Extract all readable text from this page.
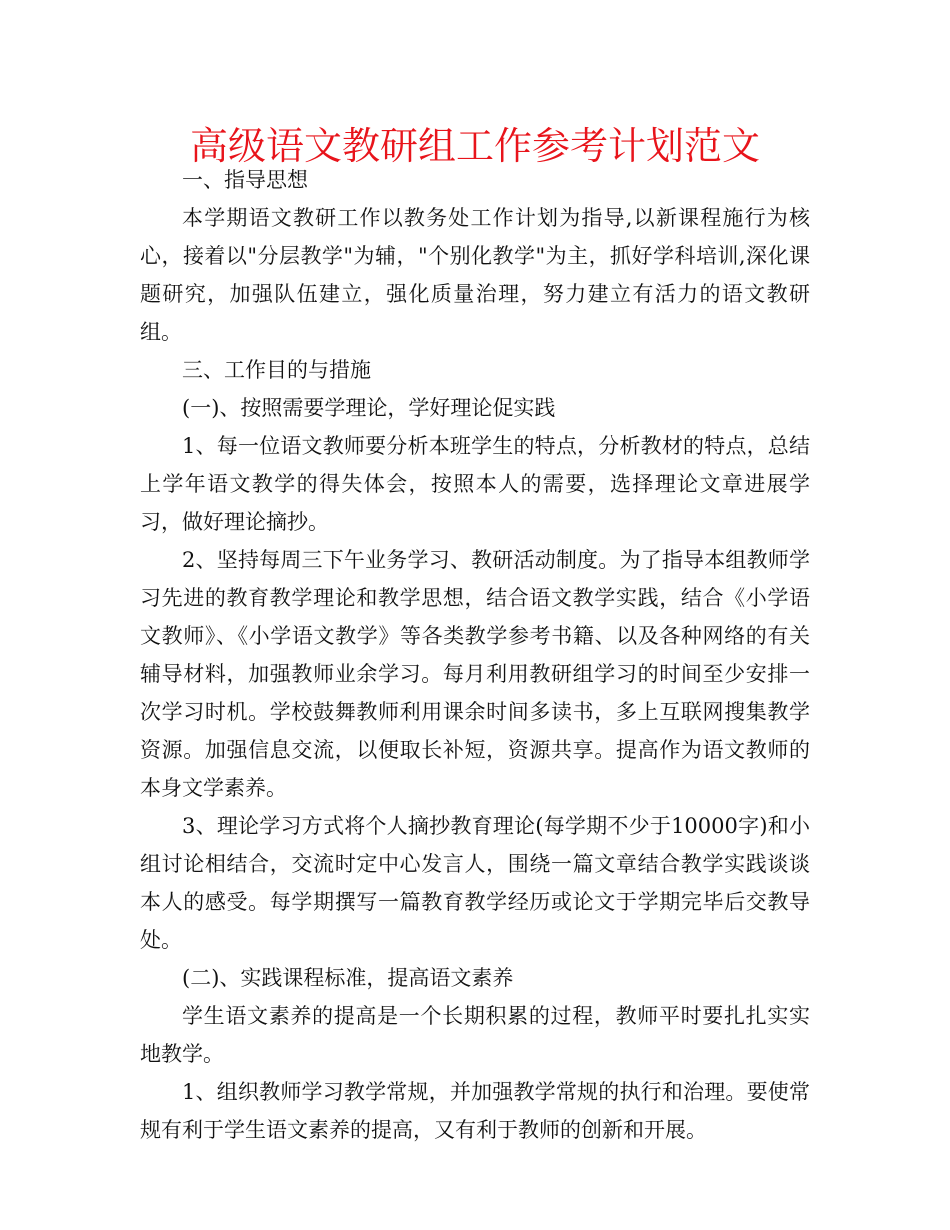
高级语文教研组工作参考计划范文

一、指导思想

本学期语文教研工作以教务处工作计划为指导,以新课程施行为核心，接着以"分层教学"为辅，"个别化教学"为主，抓好学科培训,深化课题研究，加强队伍建立，强化质量治理，努力建立有活力的语文教研组。

三、工作目的与措施

(一)、按照需要学理论，学好理论促实践

1、每一位语文教师要分析本班学生的特点，分析教材的特点，总结上学年语文教学的得失体会，按照本人的需要，选择理论文章进展学习，做好理论摘抄。

2、坚持每周三下午业务学习、教研活动制度。为了指导本组教师学习先进的教育教学理论和教学思想，结合语文教学实践，结合《小学语文教师》、《小学语文教学》等各类教学参考书籍、以及各种网络的有关辅导材料，加强教师业余学习。每月利用教研组学习的时间至少安排一次学习时机。学校鼓舞教师利用课余时间多读书，多上互联网搜集教学资源。加强信息交流，以便取长补短，资源共享。提高作为语文教师的本身文学素养。

3、理论学习方式将个人摘抄教育理论(每学期不少于10000字)和小组讨论相结合，交流时定中心发言人，围绕一篇文章结合教学实践谈谈本人的感受。每学期撰写一篇教育教学经历或论文于学期完毕后交教导处。

(二)、实践课程标准，提高语文素养

学生语文素养的提高是一个长期积累的过程，教师平时要扎扎实实地教学。

1、组织教师学习教学常规，并加强教学常规的执行和治理。要使常规有利于学生语文素养的提高，又有利于教师的创新和开展。
